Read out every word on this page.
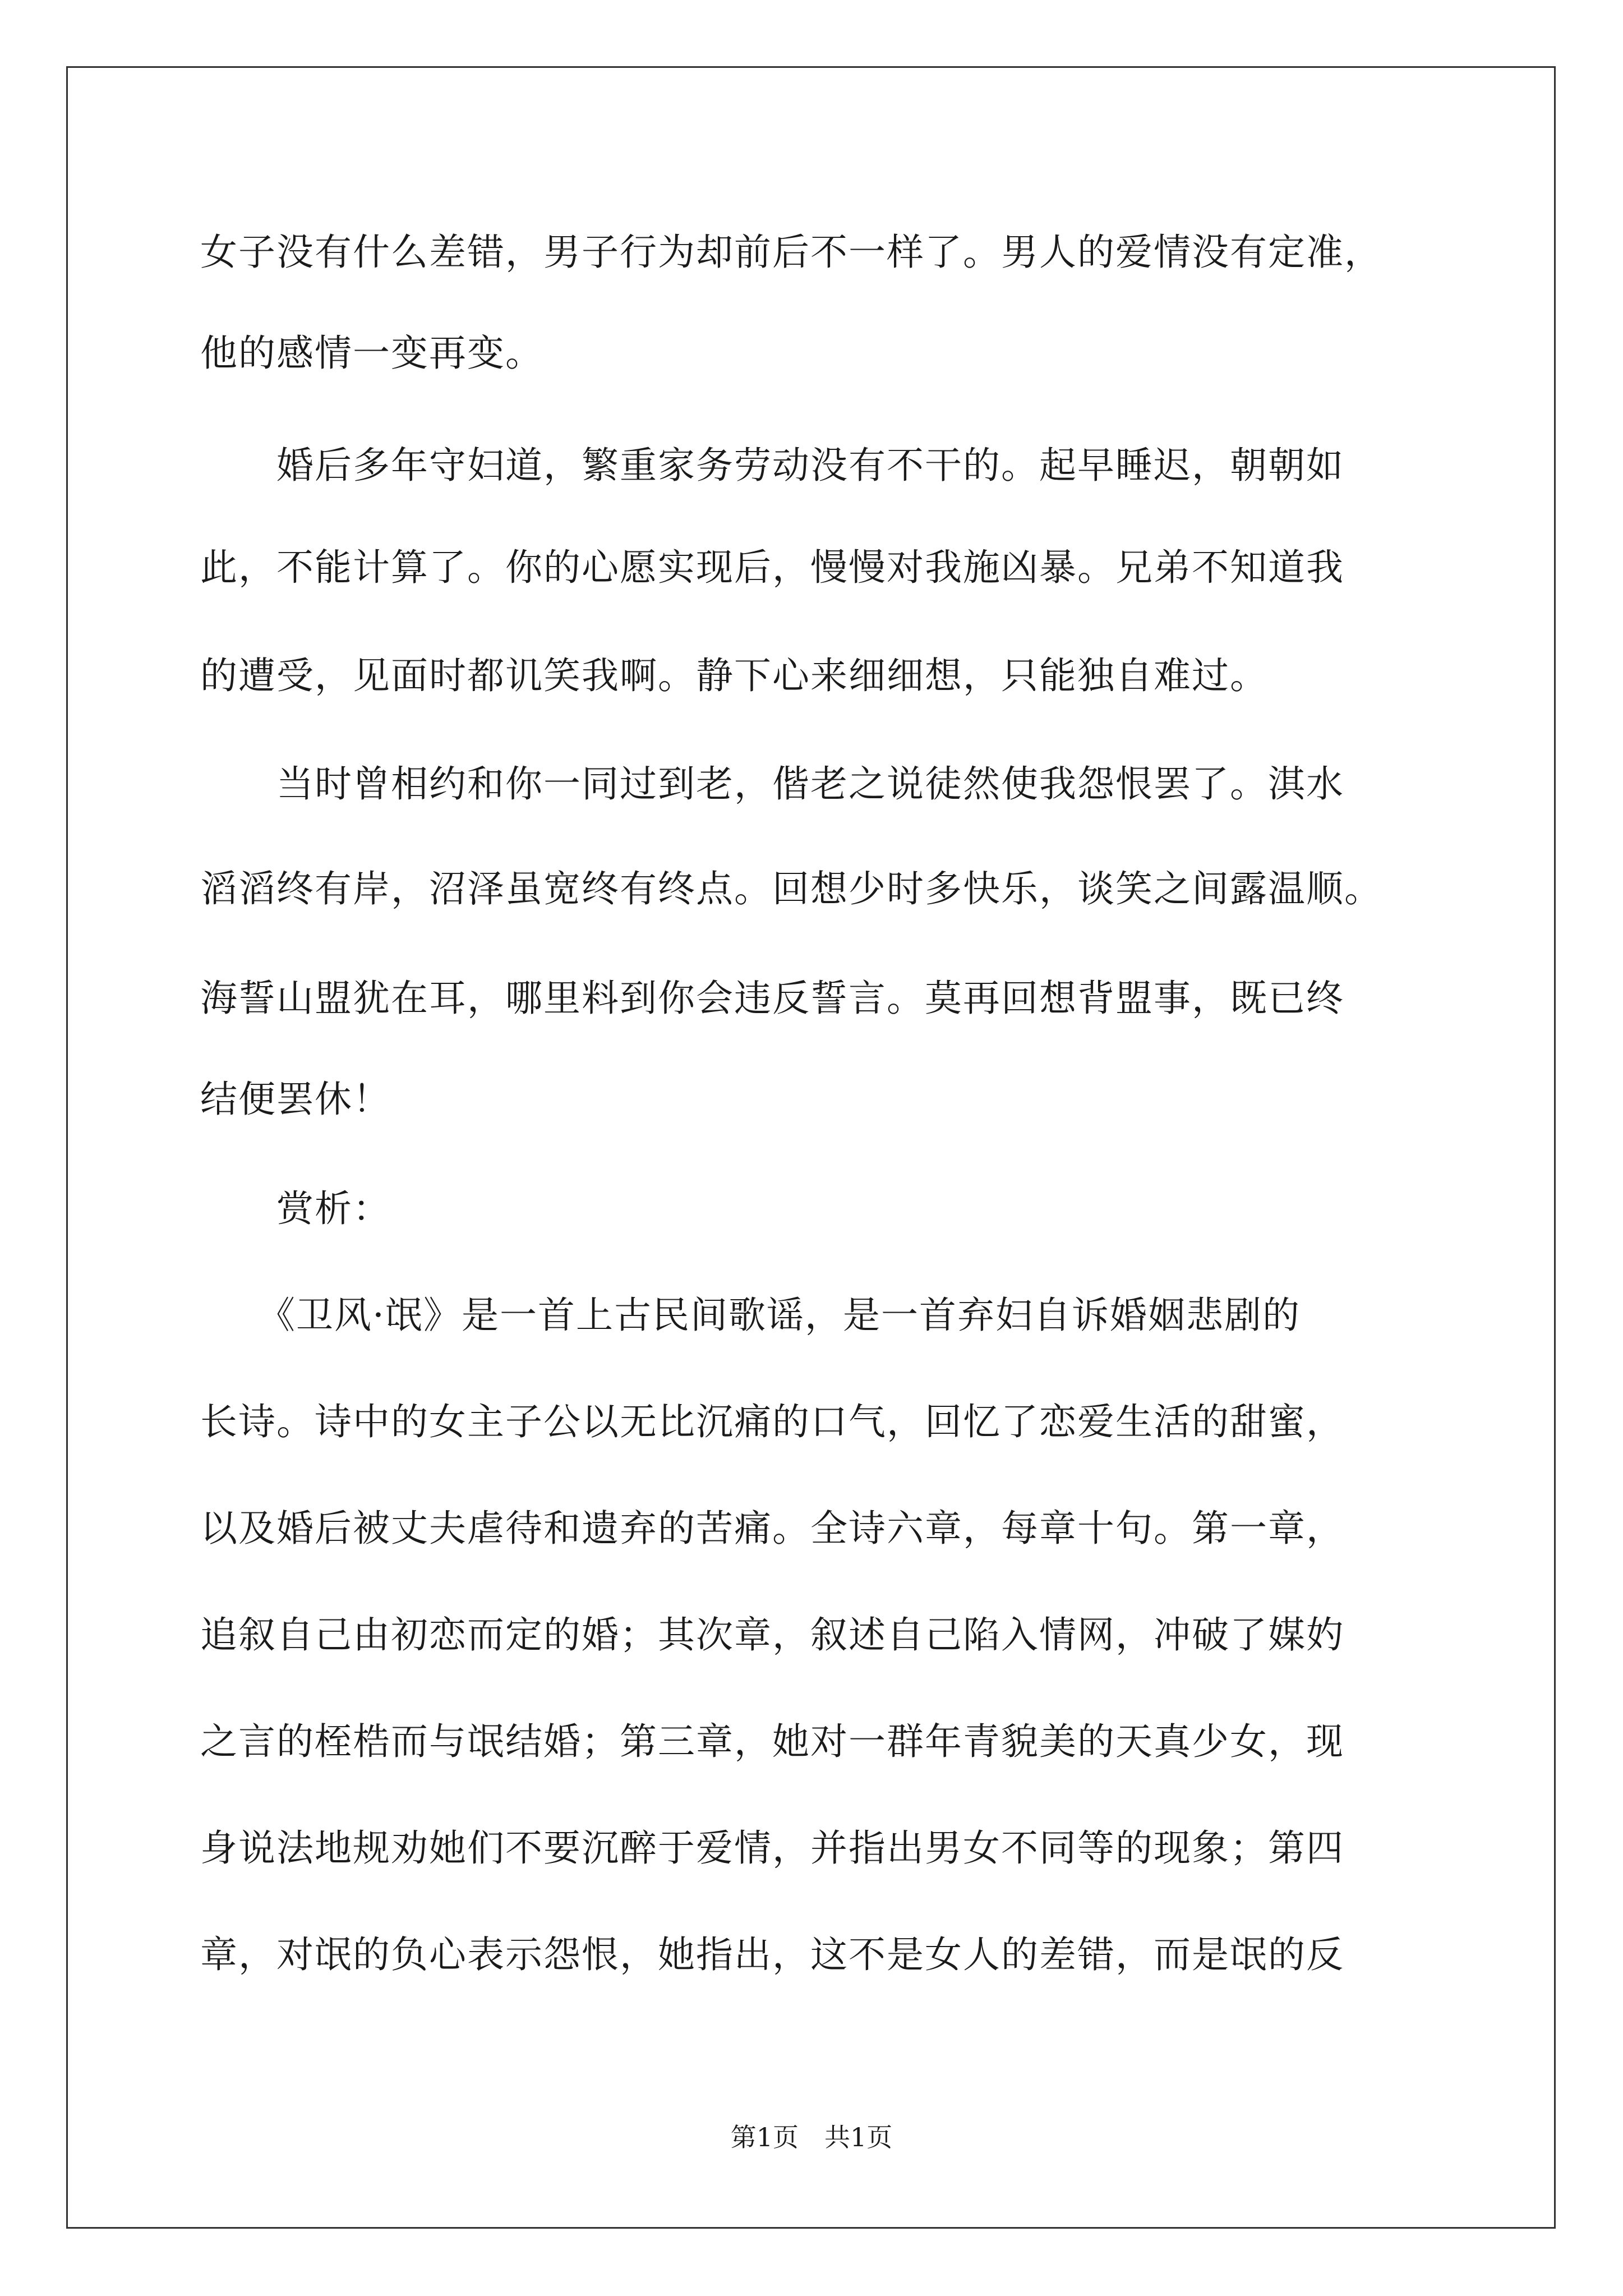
女子没有什么差错，男子行为却前后不一样了。男人的爱情没有定准，
他的感情一变再变。
　　婚后多年守妇道，繁重家务劳动没有不干的。起早睡迟，朝朝如
此，不能计算了。你的心愿实现后，慢慢对我施凶暴。兄弟不知道我
的遭受，见面时都讥笑我啊。静下心来细细想，只能独自难过。
　　当时曾相约和你一同过到老，偕老之说徒然使我怨恨罢了。淇水
滔滔终有岸，沼泽虽宽终有终点。回想少时多快乐，谈笑之间露温顺。
海誓山盟犹在耳，哪里料到你会违反誓言。莫再回想背盟事，既已终
结便罢休！
　　赏析：
　　《卫风·氓》是一首上古民间歌谣，是一首弃妇自诉婚姻悲剧的
长诗。诗中的女主子公以无比沉痛的口气，回忆了恋爱生活的甜蜜，
以及婚后被丈夫虐待和遗弃的苦痛。全诗六章，每章十句。第一章，
追叙自己由初恋而定的婚；其次章，叙述自己陷入情网，冲破了媒妁
之言的桎梏而与氓结婚；第三章，她对一群年青貌美的天真少女，现
身说法地规劝她们不要沉醉于爱情，并指出男女不同等的现象；第四
章，对氓的负心表示怨恨，她指出，这不是女人的差错，而是氓的反
第1页　共1页
